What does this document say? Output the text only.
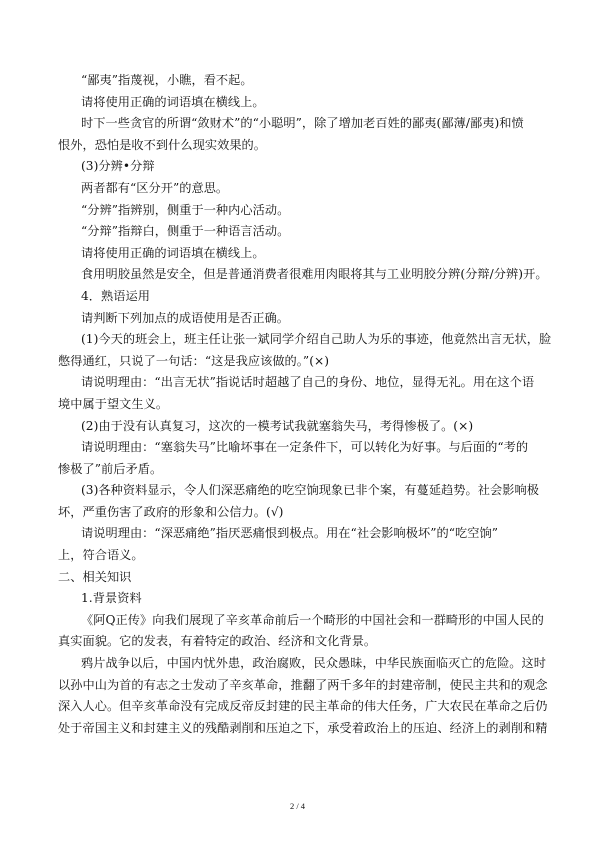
“鄙夷”指蔑视，小瞧，看不起。
请将使用正确的词语填在横线上。
时下一些贪官的所谓“敛财术”的“小聪明”，除了增加老百姓的鄙夷(鄙薄/鄙夷)和愤
恨外，恐怕是收不到什么现实效果的。
(3)分辨•分辩
两者都有“区分开”的意思。
“分辨”指辨别，侧重于一种内心活动。
“分辩”指辩白，侧重于一种语言活动。
请将使用正确的词语填在横线上。
食用明胶虽然是安全，但是普通消费者很难用肉眼将其与工业明胶分辨(分辩/分辨)开。
4．熟语运用
请判断下列加点的成语使用是否正确。
(1)今天的班会上，班主任让张一斌同学介绍自己助人为乐的事迹，他竟然出言无状，脸
憋得通红，只说了一句话：“这是我应该做的。”(×)
请说明理由：“出言无状”指说话时超越了自己的身份、地位，显得无礼。用在这个语
境中属于望文生义。
(2)由于没有认真复习，这次的一模考试我就塞翁失马，考得惨极了。(×)
请说明理由：“塞翁失马”比喻坏事在一定条件下，可以转化为好事。与后面的“考的
惨极了”前后矛盾。
(3)各种资料显示，令人们深恶痛绝的吃空饷现象已非个案，有蔓延趋势。社会影响极
坏，严重伤害了政府的形象和公信力。(√)
请说明理由：“深恶痛绝”指厌恶痛恨到极点。用在“社会影响极坏”的“吃空饷”
上，符合语义。
二、相关知识
1.背景资料
《阿Q正传》向我们展现了辛亥革命前后一个畸形的中国社会和一群畸形的中国人民的
真实面貌。它的发表，有着特定的政治、经济和文化背景。
鸦片战争以后，中国内忧外患，政治腐败，民众愚昧，中华民族面临灭亡的危险。这时
以孙中山为首的有志之士发动了辛亥革命，推翻了两千多年的封建帝制，使民主共和的观念
深入人心。但辛亥革命没有完成反帝反封建的民主革命的伟大任务，广大农民在革命之后仍
处于帝国主义和封建主义的残酷剥削和压迫之下，承受着政治上的压迫、经济上的剥削和精
2 / 4
